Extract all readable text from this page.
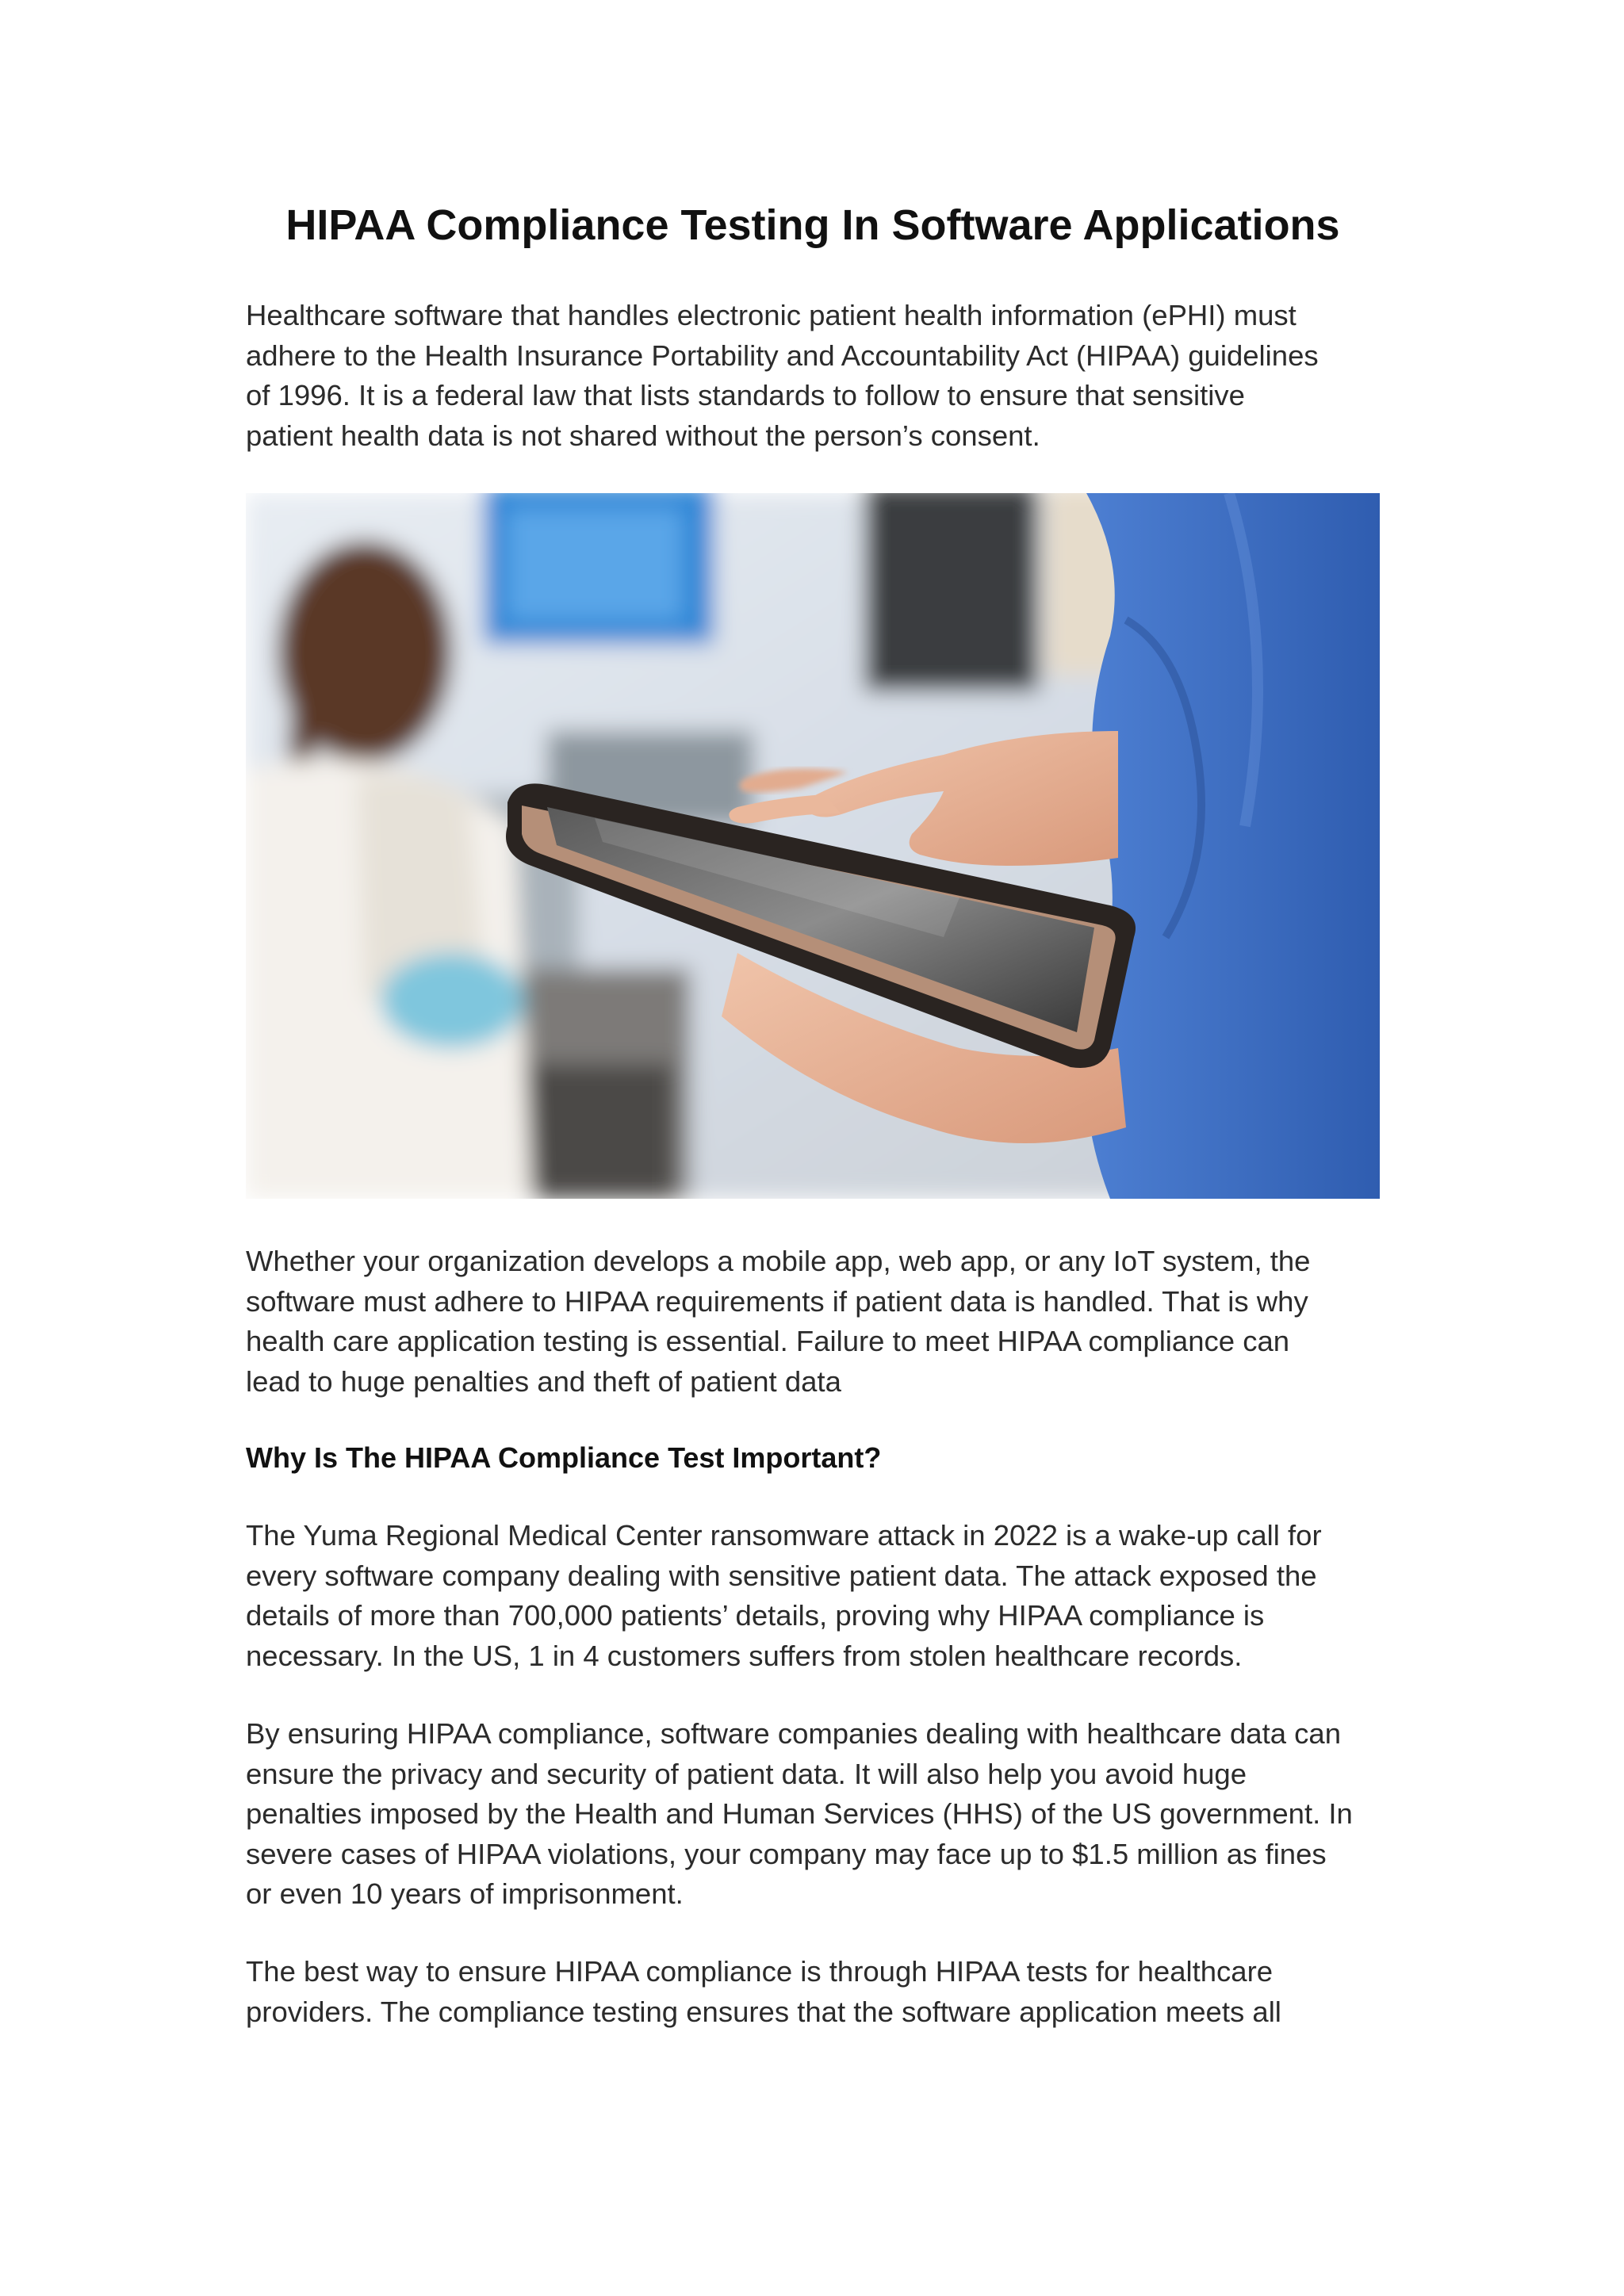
HIPAA Compliance Testing In Software Applications

Healthcare software that handles electronic patient health information (ePHI) must
adhere to the Health Insurance Portability and Accountability Act (HIPAA) guidelines
of 1996. It is a federal law that lists standards to follow to ensure that sensitive
patient health data is not shared without the person’s consent.

Whether your organization develops a mobile app, web app, or any IoT system, the
software must adhere to HIPAA requirements if patient data is handled. That is why
health care application testing is essential. Failure to meet HIPAA compliance can
lead to huge penalties and theft of patient data

Why Is The HIPAA Compliance Test Important?

The Yuma Regional Medical Center ransomware attack in 2022 is a wake-up call for
every software company dealing with sensitive patient data. The attack exposed the
details of more than 700,000 patients’ details, proving why HIPAA compliance is
necessary. In the US, 1 in 4 customers suffers from stolen healthcare records.

By ensuring HIPAA compliance, software companies dealing with healthcare data can
ensure the privacy and security of patient data. It will also help you avoid huge
penalties imposed by the Health and Human Services (HHS) of the US government. In
severe cases of HIPAA violations, your company may face up to $1.5 million as fines
or even 10 years of imprisonment.

The best way to ensure HIPAA compliance is through HIPAA tests for healthcare
providers. The compliance testing ensures that the software application meets all
